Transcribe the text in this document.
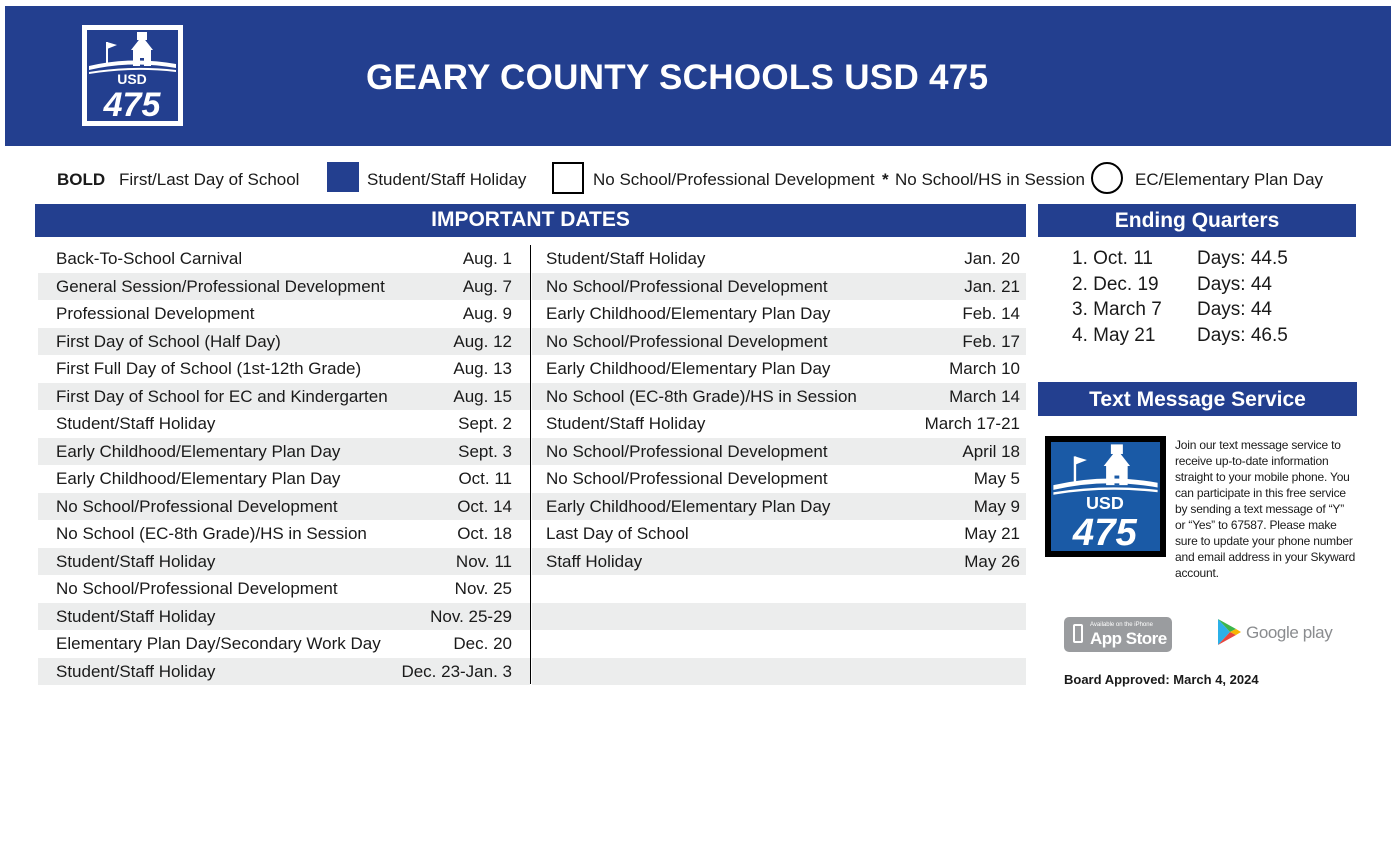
USD
475
GEARY COUNTY SCHOOLS USD 475
BOLD First/Last Day of School	Student/Staff Holiday	No School/Professional Development * No School/HS in Session	EC/Elementary Plan Day
IMPORTANT DATES
Back-To-School Carnival	Aug. 1
General Session/Professional Development	Aug. 7
Professional Development	Aug. 9
First Day of School (Half Day)	Aug. 12
First Full Day of School (1st-12th Grade)	Aug. 13
First Day of School for EC and Kindergarten	Aug. 15
Student/Staff Holiday	Sept. 2
Early Childhood/Elementary Plan Day	Sept. 3
Early Childhood/Elementary Plan Day	Oct. 11
No School/Professional Development	Oct. 14
No School (EC-8th Grade)/HS in Session	Oct. 18
Student/Staff Holiday	Nov. 11
No School/Professional Development	Nov. 25
Student/Staff Holiday	Nov. 25-29
Elementary Plan Day/Secondary Work Day	Dec. 20
Student/Staff Holiday	Dec. 23-Jan. 3
Student/Staff Holiday	Jan. 20
No School/Professional Development	Jan. 21
Early Childhood/Elementary Plan Day	Feb. 14
No School/Professional Development	Feb. 17
Early Childhood/Elementary Plan Day	March 10
No School (EC-8th Grade)/HS in Session	March 14
Student/Staff Holiday	March 17-21
No School/Professional Development	April 18
No School/Professional Development	May 5
Early Childhood/Elementary Plan Day	May 9
Last Day of School	May 21
Staff Holiday	May 26
Ending Quarters
1. Oct. 11 Days: 44.5
2. Dec. 19 Days: 44
3. March 7 Days: 44
4. May 21 Days: 46.5
Text Message Service
USD
475
Join our text message service to receive up-to-date information straight to your mobile phone. You can participate in this free service by sending a text message of “Y” or “Yes” to 67587. Please make sure to update your phone number and email address in your Skyward account.
Available on the iPhone
App Store	Google play
Board Approved: March 4, 2024
